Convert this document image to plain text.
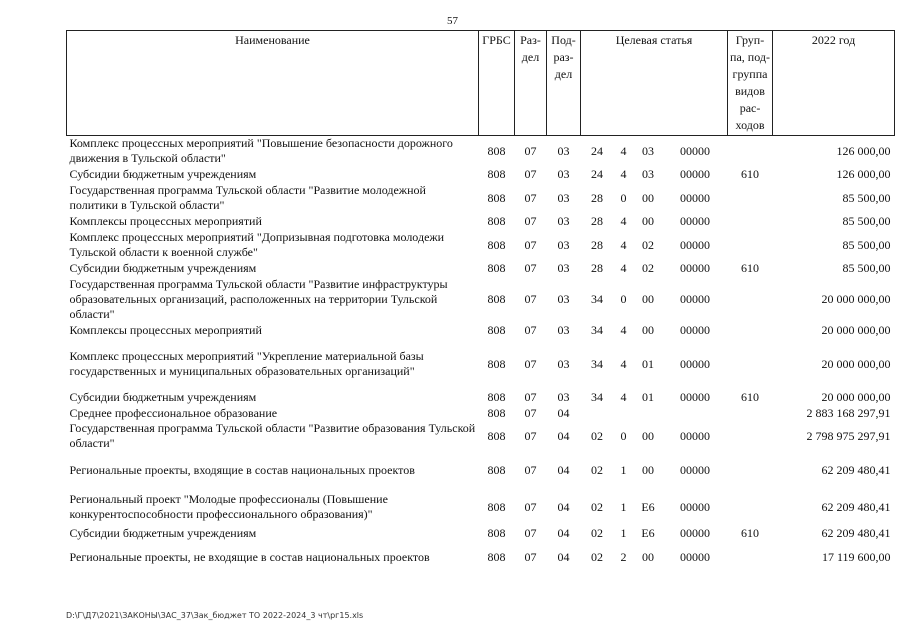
57
Наименование	ГРБС	Раз- дел	Под- раз- дел	Целевая статья				Груп- па, под- группа видов рас- ходов	2022 год
Комплекс процессных мероприятий "Повышение безопасности дорожного движения в Тульской области"	808	07	03	24	4	03	00000		126 000,00
Субсидии бюджетным учреждениям	808	07	03	24	4	03	00000	610	126 000,00
Государственная программа Тульской области "Развитие молодежной политики в Тульской области"	808	07	03	28	0	00	00000		85 500,00
Комплексы процессных мероприятий	808	07	03	28	4	00	00000		85 500,00
Комплекс процессных мероприятий "Допризывная подготовка молодежи Тульской области к военной службе"	808	07	03	28	4	02	00000		85 500,00
Субсидии бюджетным учреждениям	808	07	03	28	4	02	00000	610	85 500,00
Государственная программа Тульской области "Развитие инфраструктуры образовательных организаций, расположенных на территории Тульской области"	808	07	03	34	0	00	00000		20 000 000,00
Комплексы процессных мероприятий	808	07	03	34	4	00	00000		20 000 000,00
Комплекс процессных мероприятий "Укрепление материальной базы государственных и муниципальных образовательных организаций"	808	07	03	34	4	01	00000		20 000 000,00
Субсидии бюджетным учреждениям	808	07	03	34	4	01	00000	610	20 000 000,00
Среднее профессиональное образование	808	07	04						2 883 168 297,91
Государственная программа Тульской области "Развитие образования Тульской области"	808	07	04	02	0	00	00000		2 798 975 297,91
Региональные проекты, входящие в состав национальных проектов	808	07	04	02	1	00	00000		62 209 480,41
Региональный проект "Молодые профессионалы (Повышение конкурентоспособности профессионального образования)"	808	07	04	02	1	Е6	00000		62 209 480,41
Субсидии бюджетным учреждениям	808	07	04	02	1	Е6	00000	610	62 209 480,41
Региональные проекты, не входящие в состав национальных проектов	808	07	04	02	2	00	00000		17 119 600,00
D:\Г\Д7\2021\ЗАКОНЫ\ЗАС_37\Зак_бюджет ТО 2022-2024_3 чт\рг15.xls
